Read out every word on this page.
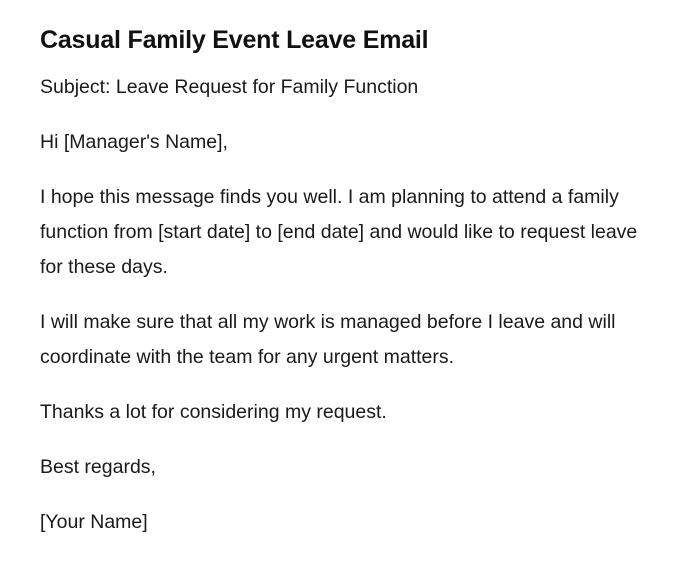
Casual Family Event Leave Email

Subject: Leave Request for Family Function

Hi [Manager's Name],

I hope this message finds you well. I am planning to attend a family function from [start date] to [end date] and would like to request leave for these days.

I will make sure that all my work is managed before I leave and will coordinate with the team for any urgent matters.

Thanks a lot for considering my request.

Best regards,

[Your Name]
